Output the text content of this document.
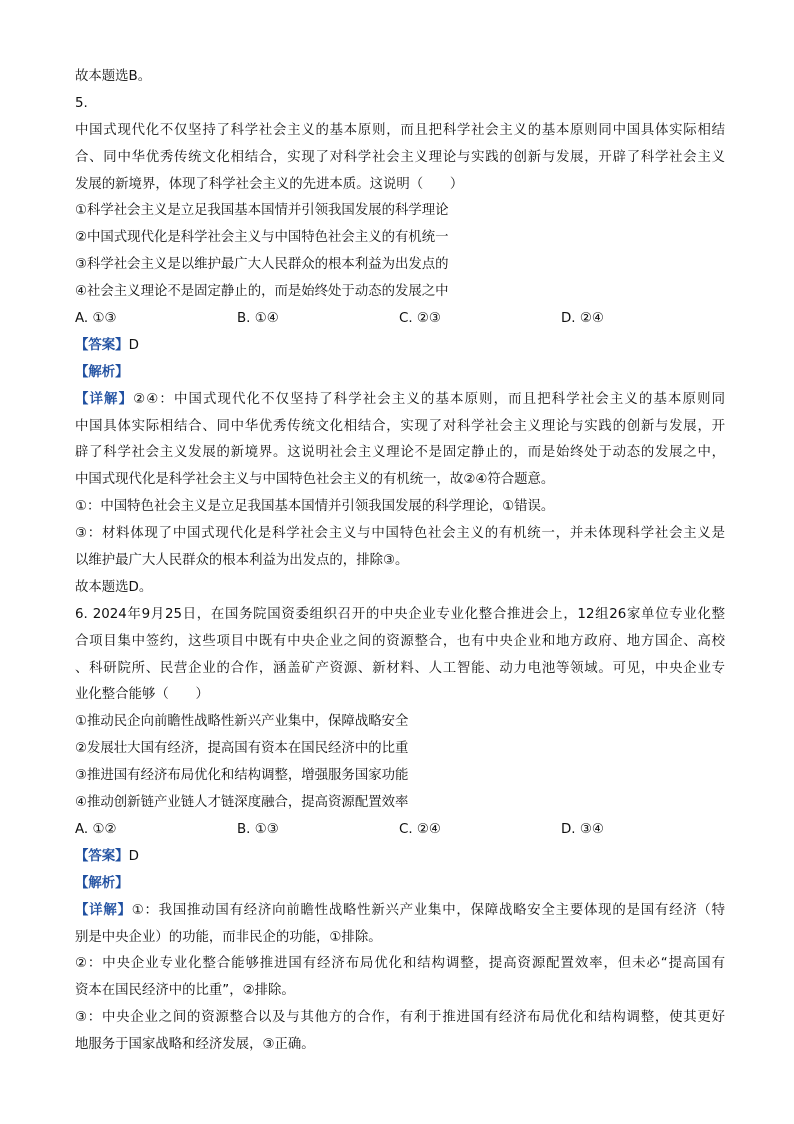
故本题选B。
5.
中国式现代化不仅坚持了科学社会主义的基本原则，而且把科学社会主义的基本原则同中国具体实际相结
合、同中华优秀传统文化相结合，实现了对科学社会主义理论与实践的创新与发展，开辟了科学社会主义
发展的新境界，体现了科学社会主义的先进本质。这说明（　　）
①科学社会主义是立足我国基本国情并引领我国发展的科学理论
②中国式现代化是科学社会主义与中国特色社会主义的有机统一
③科学社会主义是以维护最广大人民群众的根本利益为出发点的
④社会主义理论不是固定静止的，而是始终处于动态的发展之中
A. ①③	B. ①④	C. ②③	D. ②④
【答案】D
【解析】
【详解】②④：中国式现代化不仅坚持了科学社会主义的基本原则，而且把科学社会主义的基本原则同
中国具体实际相结合、同中华优秀传统文化相结合，实现了对科学社会主义理论与实践的创新与发展，开
辟了科学社会主义发展的新境界。这说明社会主义理论不是固定静止的，而是始终处于动态的发展之中，
中国式现代化是科学社会主义与中国特色社会主义的有机统一，故②④符合题意。
①：中国特色社会主义是立足我国基本国情并引领我国发展的科学理论，①错误。
③：材料体现了中国式现代化是科学社会主义与中国特色社会主义的有机统一，并未体现科学社会主义是
以维护最广大人民群众的根本利益为出发点的，排除③。
故本题选D。
6. 2024年9月25日，在国务院国资委组织召开的中央企业专业化整合推进会上，12组26家单位专业化整
合项目集中签约，这些项目中既有中央企业之间的资源整合，也有中央企业和地方政府、地方国企、高校
、科研院所、民营企业的合作，涵盖矿产资源、新材料、人工智能、动力电池等领域。可见，中央企业专
业化整合能够（　　）
①推动民企向前瞻性战略性新兴产业集中，保障战略安全
②发展壮大国有经济，提高国有资本在国民经济中的比重
③推进国有经济布局优化和结构调整，增强服务国家功能
④推动创新链产业链人才链深度融合，提高资源配置效率
A. ①②	B. ①③	C. ②④	D. ③④
【答案】D
【解析】
【详解】①：我国推动国有经济向前瞻性战略性新兴产业集中，保障战略安全主要体现的是国有经济（特
别是中央企业）的功能，而非民企的功能，①排除。
②：中央企业专业化整合能够推进国有经济布局优化和结构调整，提高资源配置效率，但未必“提高国有
资本在国民经济中的比重”，②排除。
③：中央企业之间的资源整合以及与其他方的合作，有利于推进国有经济布局优化和结构调整，使其更好
地服务于国家战略和经济发展，③正确。
